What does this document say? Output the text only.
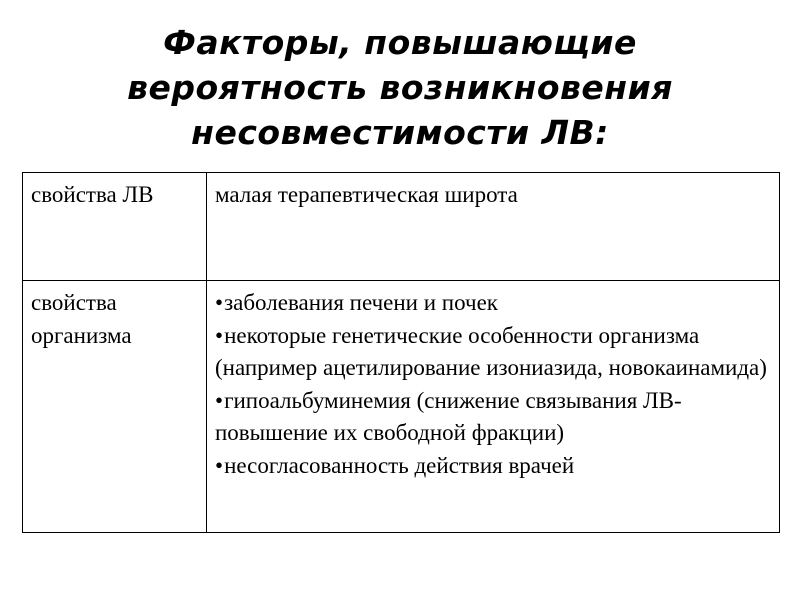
Факторы, повышающие
вероятность возникновения
несовместимости ЛВ:
свойства ЛВ	малая терапевтическая широта
свойства организма	•заболевания печени и почек
•некоторые генетические особенности организма (например ацетилирование изониазида, новокаинамида)
•гипоальбуминемия (снижение связывания ЛВ-повышение их свободной фракции)
•несогласованность действия врачей
